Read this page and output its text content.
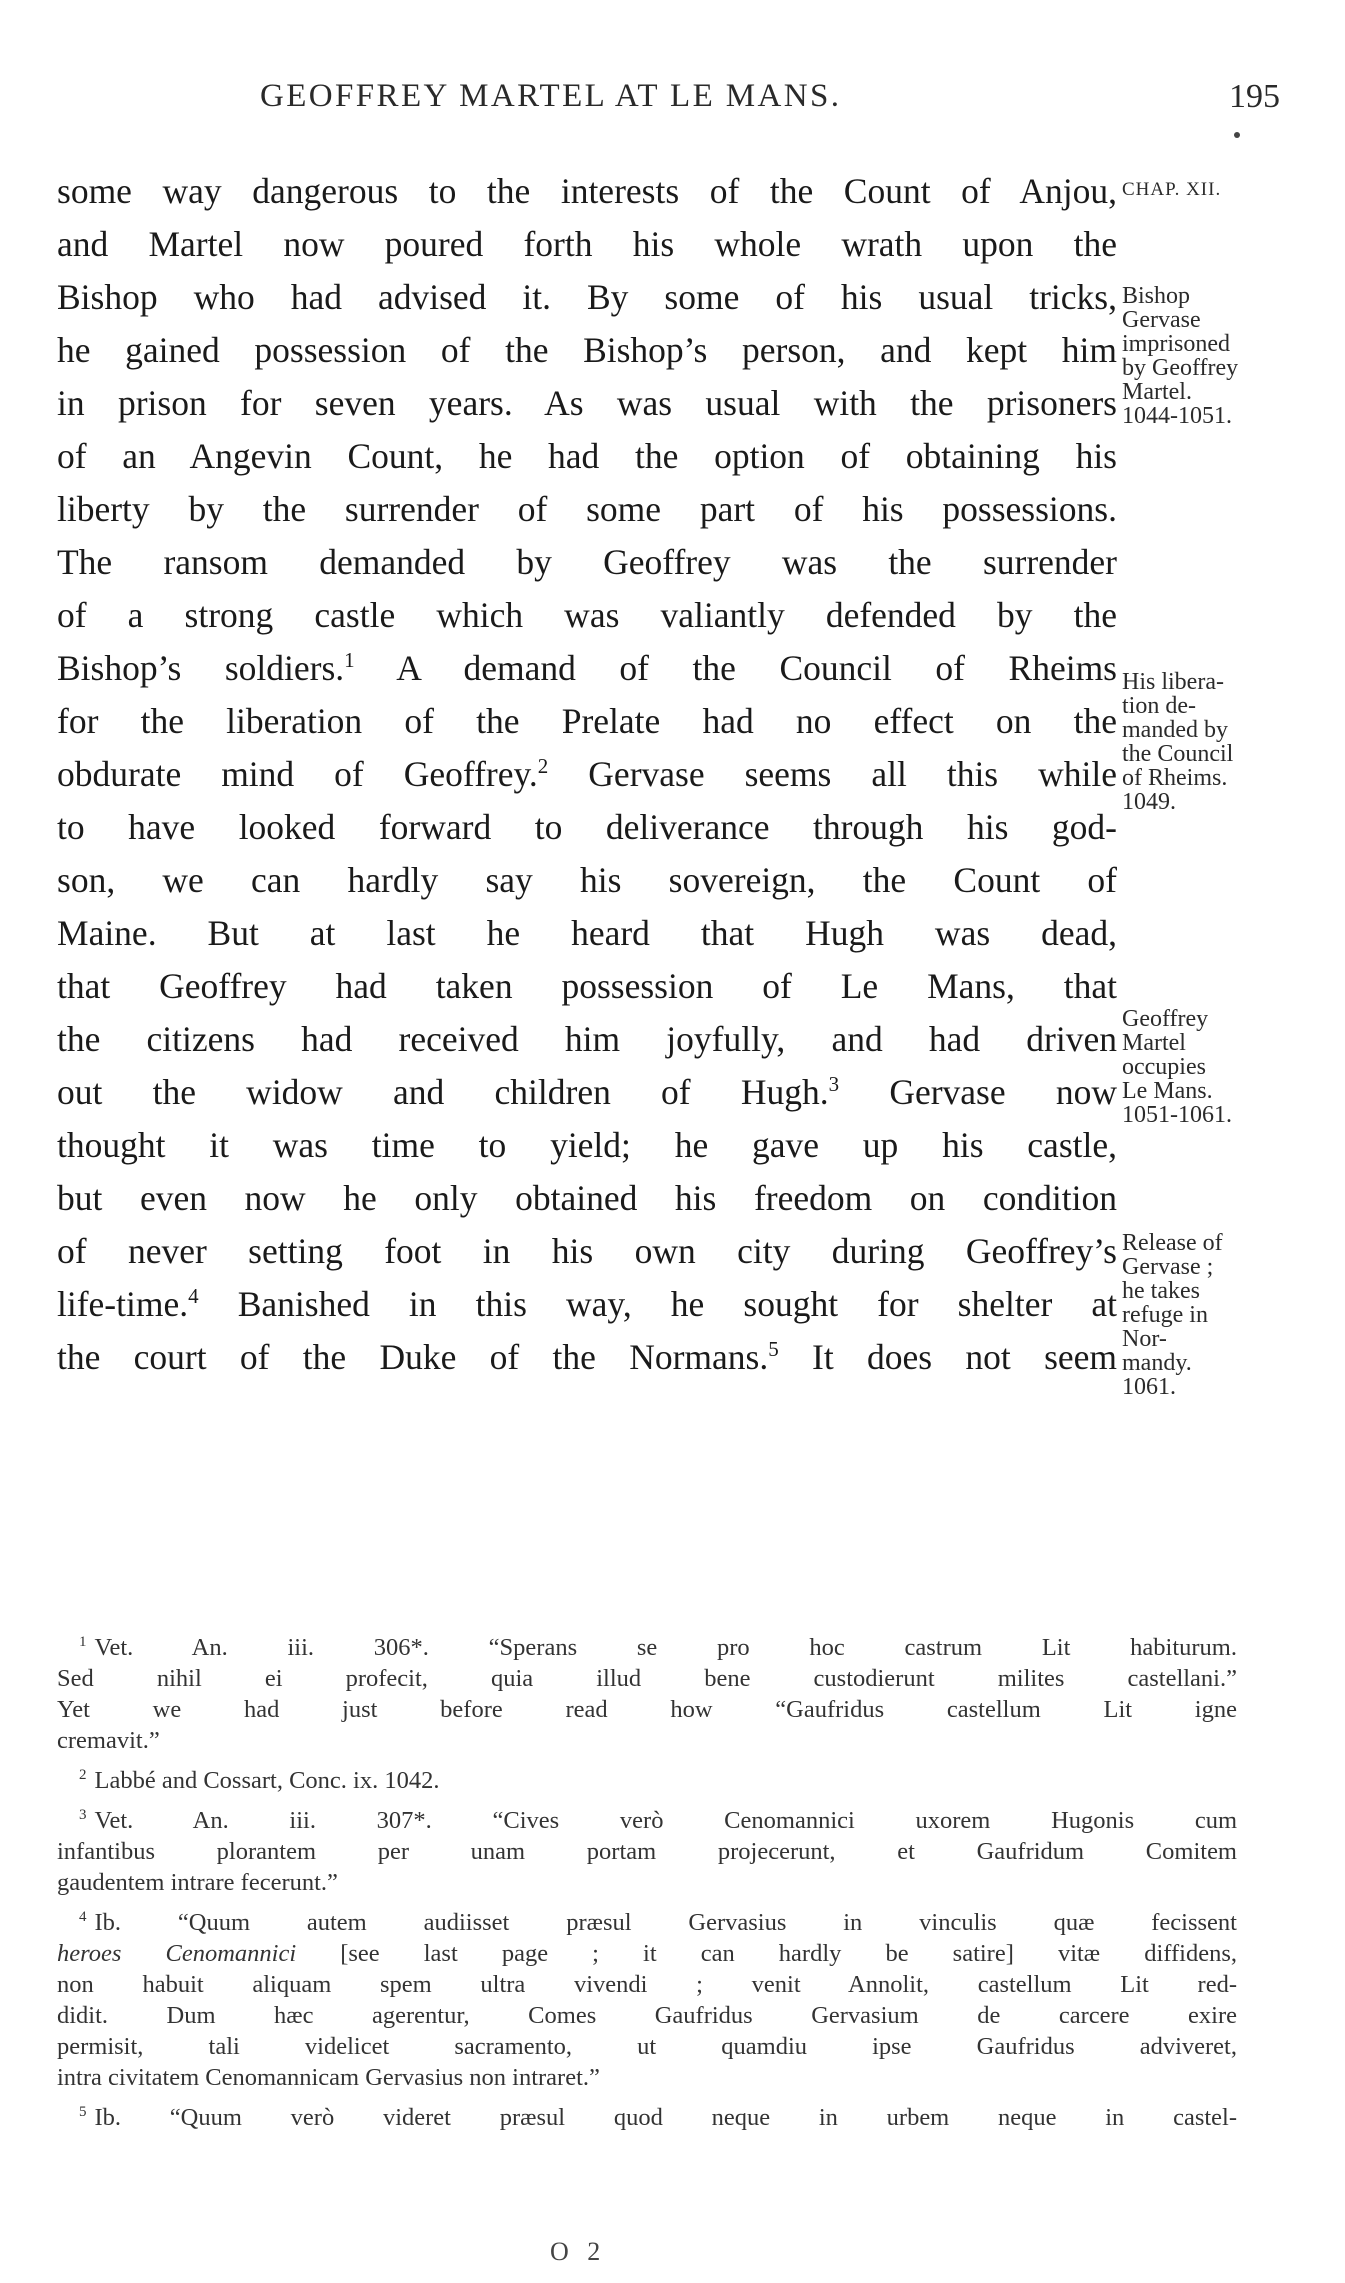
GEOFFREY MARTEL AT LE MANS.	195
some way dangerous to the interests of the Count of Anjou,
and Martel now poured forth his whole wrath upon the
Bishop who had advised it. By some of his usual tricks,
he gained possession of the Bishop’s person, and kept him
in prison for seven years. As was usual with the prisoners
of an Angevin Count, he had the option of obtaining his
liberty by the surrender of some part of his possessions.
The ransom demanded by Geoffrey was the surrender
of a strong castle which was valiantly defended by the
Bishop’s soldiers.$^1$ A demand of the Council of Rheims
for the liberation of the Prelate had no effect on the
obdurate mind of Geoffrey.$^2$ Gervase seems all this while
to have looked forward to deliverance through his god-
son, we can hardly say his sovereign, the Count of
Maine. But at last he heard that Hugh was dead,
that Geoffrey had taken possession of Le Mans, that
the citizens had received him joyfully, and had driven
out the widow and children of Hugh.$^3$ Gervase now
thought it was time to yield; he gave up his castle,
but even now he only obtained his freedom on condition
of never setting foot in his own city during Geoffrey’s
life-time.$^4$ Banished in this way, he sought for shelter at
the court of the Duke of the Normans.$^5$ It does not seem
CHAP. XII.
Bishop
Gervase
imprisoned
by Geoffrey
Martel.
1044-1051.
His libera-
tion de-
manded by
the Council
of Rheims.
1049.
Geoffrey
Martel
occupies
Le Mans.
1051-1061.
Release of
Gervase ;
he takes
refuge in
Nor-
mandy.
1061.
$^1$ Vet. An. iii. 306*. “Sperans se pro hoc castrum Lit habiturum.
Sed nihil ei profecit, quia illud bene custodierunt milites castellani.”
Yet we had just before read how “Gaufridus castellum Lit igne
cremavit.”
$^2$ Labbé and Cossart, Conc. ix. 1042.
$^3$ Vet. An. iii. 307*. “Cives verò Cenomannici uxorem Hugonis cum
infantibus plorantem per unam portam projecerunt, et Gaufridum Comitem
gaudentem intrare fecerunt.”
$^4$ Ib. “Quum autem audiisset præsul Gervasius in vinculis quæ fecissent
heroes Cenomannici [see last page ; it can hardly be satire] vitæ diffidens,
non habuit aliquam spem ultra vivendi ; venit Annolit, castellum Lit red-
didit. Dum hæc agerentur, Comes Gaufridus Gervasium de carcere exire
permisit, tali videlicet sacramento, ut quamdiu ipse Gaufridus adviveret,
intra civitatem Cenomannicam Gervasius non intraret.”
$^5$ Ib. “Quum verò videret præsul quod neque in urbem neque in castel-
O 2
